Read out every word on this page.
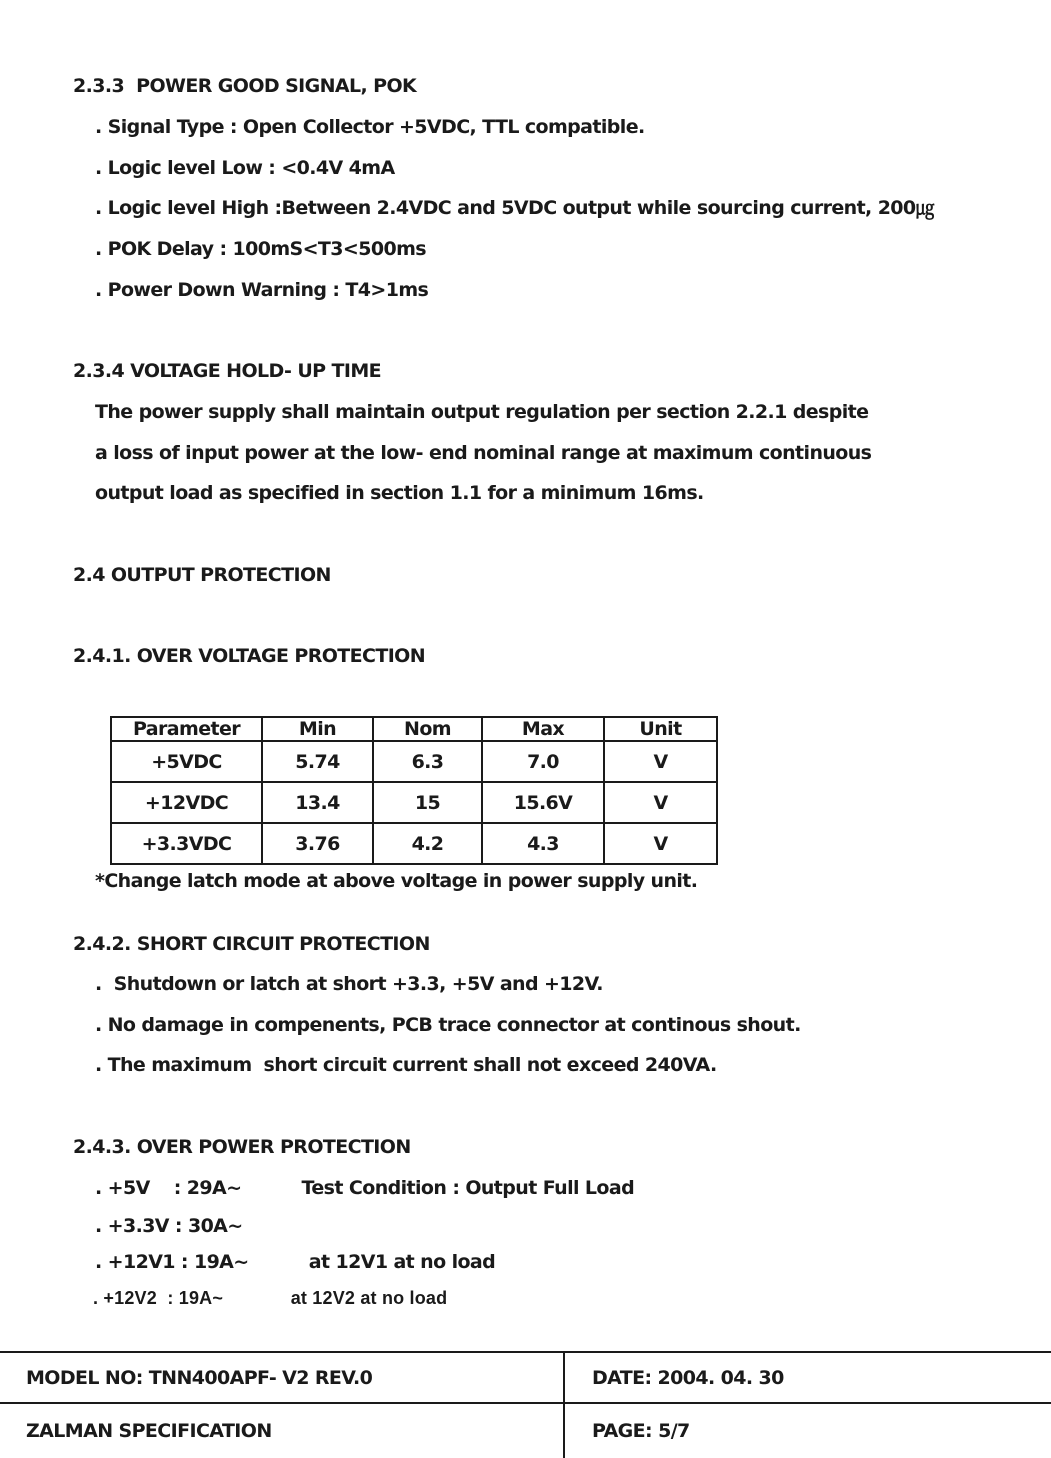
2.3.3  POWER GOOD SIGNAL, POK
. Signal Type : Open Collector +5VDC, TTL compatible.
. Logic level Low : <0.4V 4mA
. Logic level High :Between 2.4VDC and 5VDC output while sourcing current, 200㎍
. POK Delay : 100mS<T3<500ms
. Power Down Warning : T4>1ms
2.3.4 VOLTAGE HOLD- UP TIME
The power supply shall maintain output regulation per section 2.2.1 despite
a loss of input power at the low- end nominal range at maximum continuous
output load as specified in section 1.1 for a minimum 16ms.
2.4 OUTPUT PROTECTION
2.4.1. OVER VOLTAGE PROTECTION
Parameter	Min	Nom	Max	Unit
+5VDC	5.74	6.3	7.0	V
+12VDC	13.4	15	15.6V	V
+3.3VDC	3.76	4.2	4.3	V
*Change latch mode at above voltage in power supply unit.
2.4.2. SHORT CIRCUIT PROTECTION
.  Shutdown or latch at short +3.3, +5V and +12V.
. No damage in compenents, PCB trace connector at continous shout.
. The maximum  short circuit current shall not exceed 240VA.
2.4.3. OVER POWER PROTECTION
. +5V    : 29A~          Test Condition : Output Full Load
. +3.3V : 30A~
. +12V1 : 19A~          at 12V1 at no load
. +12V2  : 19A~             at 12V2 at no load
MODEL NO: TNN400APF- V2 REV.0	DATE: 2004. 04. 30
ZALMAN SPECIFICATION	PAGE: 5/7
